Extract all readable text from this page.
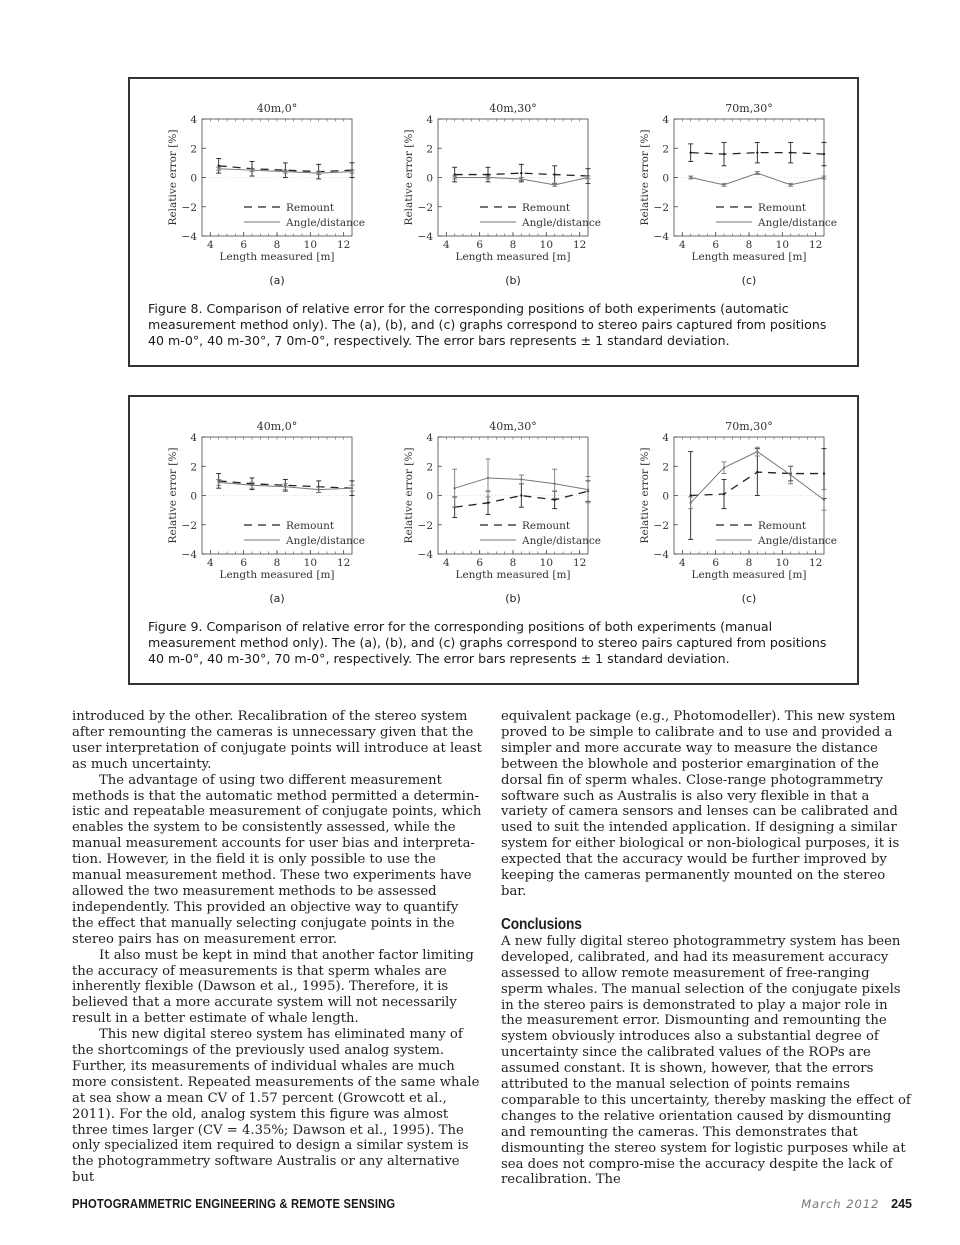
40m,0°
4	6	8 10 12
4
2
0
−2
−4
Length measured [m]
Relative error [%]	Remount
Angle/distance
(a)
40m,30°
4	6	8 10 12
4
2
0
−2
−4
Length measured [m]
Relative error [%]	Remount
Angle/distance
(b)
70m,30°
4	6	8 10 12
4
2
0
−2
−4
Length measured [m]
Relative error [%]	Remount
Angle/distance
(c)
Figure 8. Comparison of relative error for the corresponding positions of both experiments (automatic measurement method only). The (a), (b), and (c) graphs correspond to stereo pairs captured from positions 40 m-0°, 40 m-30°, 7 0m-0°, respectively. The error bars represents ± 1 standard deviation.
40m,0°
4	6	8 10 12
4
2
0
−2
−4
Length measured [m]
Relative error [%]	Remount
Angle/distance
(a)
40m,30°
4	6	8 10 12
4
2
0
−2
−4
Length measured [m]
Relative error [%]	Remount
Angle/distance
(b)
70m,30°
4	6	8 10 12
4
2
0
−2
−4
Length measured [m]
Relative error [%]	Remount
Angle/distance
(c)
Figure 9. Comparison of relative error for the corresponding positions of both experiments (manual measurement method only). The (a), (b), and (c) graphs correspond to stereo pairs captured from positions 40 m-0°, 40 m-30°, 70 m-0°, respectively. The error bars represents ± 1 standard deviation.

introduced by the other. Recalibration of the stereo system after remounting the cameras is unnecessary given that the user interpretation of conjugate points will introduce at least as much uncertainty.

The advantage of using two different measurement methods is that the automatic method permitted a determin-istic and repeatable measurement of conjugate points, which enables the system to be consistently assessed, while the manual measurement accounts for user bias and interpreta-tion. However, in the field it is only possible to use the manual measurement method. These two experiments have allowed the two measurement methods to be assessed independently. This provided an objective way to quantify the effect that manually selecting conjugate points in the stereo pairs has on measurement error.

It also must be kept in mind that another factor limiting the accuracy of measurements is that sperm whales are inherently flexible (Dawson et al., 1995). Therefore, it is believed that a more accurate system will not necessarily result in a better estimate of whale length.

This new digital stereo system has eliminated many of the shortcomings of the previously used analog system. Further, its measurements of individual whales are much more consistent. Repeated measurements of the same whale at sea show a mean CV of 1.57 percent (Growcott et al., 2011). For the old, analog system this figure was almost three times larger (CV = 4.35%; Dawson et al., 1995). The only specialized item required to design a similar system is the photogrammetry software Australis or any alternative but

equivalent package (e.g., Photomodeller). This new system proved to be simple to calibrate and to use and provided a simpler and more accurate way to measure the distance between the blowhole and posterior emargination of the dorsal fin of sperm whales. Close-range photogrammetry software such as Australis is also very flexible in that a variety of camera sensors and lenses can be calibrated and used to suit the intended application. If designing a similar system for either biological or non-biological purposes, it is expected that the accuracy would be further improved by keeping the cameras permanently mounted on the stereo bar.

Conclusions

A new fully digital stereo photogrammetry system has been developed, calibrated, and had its measurement accuracy assessed to allow remote measurement of free-ranging sperm whales. The manual selection of the conjugate pixels in the stereo pairs is demonstrated to play a major role in the measurement error. Dismounting and remounting the system obviously introduces also a substantial degree of uncertainty since the calibrated values of the ROPs are assumed constant. It is shown, however, that the errors attributed to the manual selection of points remains comparable to this uncertainty, thereby masking the effect of changes to the relative orientation caused by dismounting and remounting the cameras. This demonstrates that dismounting the stereo system for logistic purposes while at sea does not compro-mise the accuracy despite the lack of recalibration. The

PHOTOGRAMMETRIC ENGINEERING & REMOTE SENSING	March 2012 245
